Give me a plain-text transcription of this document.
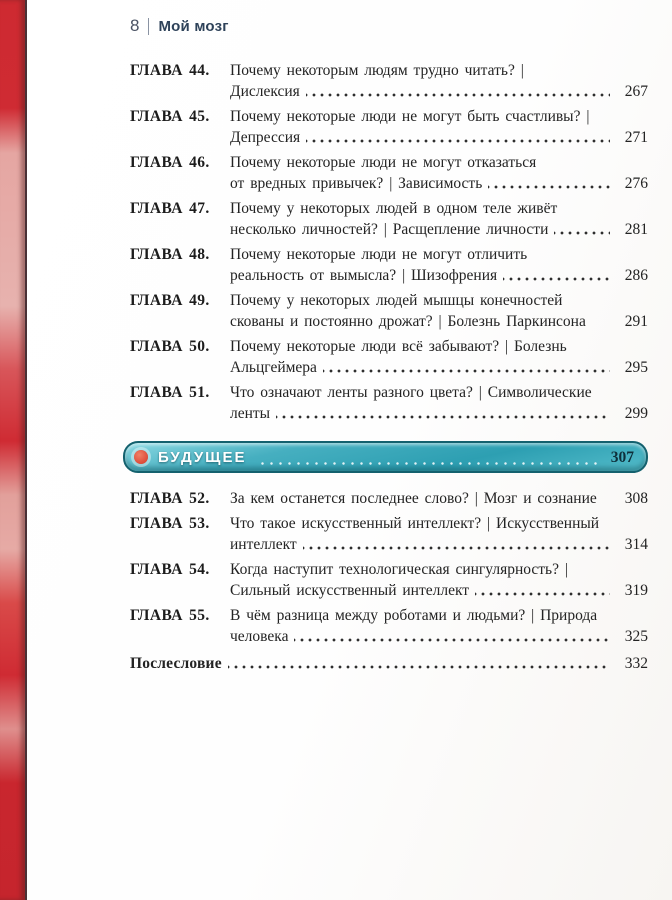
8 Мой мозг
ГЛАВА 44.	Почему некоторым людям трудно читать? |
Дислексия	267
ГЛАВА 45.	Почему некоторые люди не могут быть счастливы? |
Депрессия	271
ГЛАВА 46.	Почему некоторые люди не могут отказаться
от вредных привычек? | Зависимость	276
ГЛАВА 47.	Почему у некоторых людей в одном теле живёт
несколько личностей? | Расщепление личности	281
ГЛАВА 48.	Почему некоторые люди не могут отличить
реальность от вымысла? | Шизофрения	286
ГЛАВА 49.	Почему у некоторых людей мышцы конечностей
скованы и постоянно дрожат? | Болезнь Паркинсона	291
ГЛАВА 50.	Почему некоторые люди всё забывают? | Болезнь
Альцгеймера	295
ГЛАВА 51.	Что означают ленты разного цвета? | Символические
ленты	299
БУДУЩЕЕ	307
ГЛАВА 52.	За кем останется последнее слово? | Мозг и сознание	308
ГЛАВА 53.	Что такое искусственный интеллект? | Искусственный
интеллект	314
ГЛАВА 54.	Когда наступит технологическая сингулярность? |
Сильный искусственный интеллект	319
ГЛАВА 55.	В чём разница между роботами и людьми? | Природа
человека	325
Послесловие	332
